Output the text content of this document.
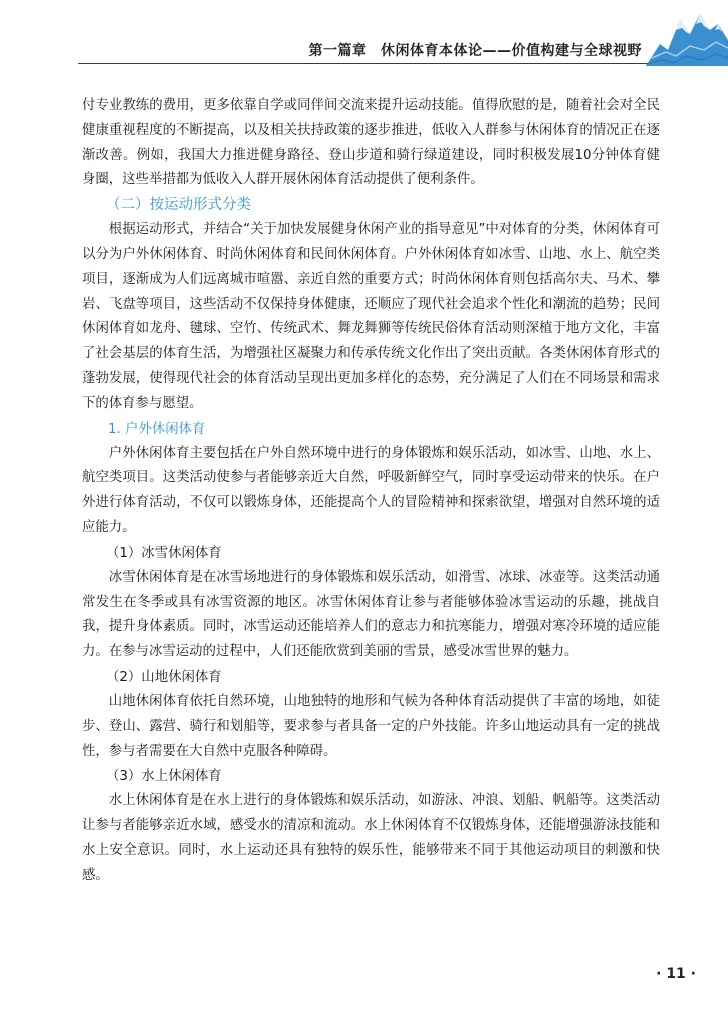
第一篇章　休闲体育本体论——价值构建与全球视野

付专业教练的费用，更多依靠自学或同伴间交流来提升运动技能。值得欣慰的是，随着社会对全民健康重视程度的不断提高，以及相关扶持政策的逐步推进，低收入人群参与休闲体育的情况正在逐渐改善。例如，我国大力推进健身路径、登山步道和骑行绿道建设，同时积极发展10分钟体育健身圈，这些举措都为低收入人群开展休闲体育活动提供了便利条件。

（二）按运动形式分类

根据运动形式，并结合“关于加快发展健身休闲产业的指导意见”中对体育的分类，休闲体育可以分为户外休闲体育、时尚休闲体育和民间休闲体育。户外休闲体育如冰雪、山地、水上、航空类项目，逐渐成为人们远离城市喧嚣、亲近自然的重要方式；时尚休闲体育则包括高尔夫、马术、攀岩、飞盘等项目，这些活动不仅保持身体健康，还顺应了现代社会追求个性化和潮流的趋势；民间休闲体育如龙舟、毽球、空竹、传统武术、舞龙舞狮等传统民俗体育活动则深植于地方文化，丰富了社会基层的体育生活，为增强社区凝聚力和传承传统文化作出了突出贡献。各类休闲体育形式的蓬勃发展，使得现代社会的体育活动呈现出更加多样化的态势，充分满足了人们在不同场景和需求下的体育参与愿望。

1. 户外休闲体育

户外休闲体育主要包括在户外自然环境中进行的身体锻炼和娱乐活动，如冰雪、山地、水上、航空类项目。这类活动使参与者能够亲近大自然，呼吸新鲜空气，同时享受运动带来的快乐。在户外进行体育活动，不仅可以锻炼身体，还能提高个人的冒险精神和探索欲望，增强对自然环境的适应能力。

（1）冰雪休闲体育

冰雪休闲体育是在冰雪场地进行的身体锻炼和娱乐活动，如滑雪、冰球、冰壶等。这类活动通常发生在冬季或具有冰雪资源的地区。冰雪休闲体育让参与者能够体验冰雪运动的乐趣，挑战自我，提升身体素质。同时，冰雪运动还能培养人们的意志力和抗寒能力，增强对寒冷环境的适应能力。在参与冰雪运动的过程中，人们还能欣赏到美丽的雪景，感受冰雪世界的魅力。

（2）山地休闲体育

山地休闲体育依托自然环境，山地独特的地形和气候为各种体育活动提供了丰富的场地，如徒步、登山、露营、骑行和划船等，要求参与者具备一定的户外技能。许多山地运动具有一定的挑战性，参与者需要在大自然中克服各种障碍。

（3）水上休闲体育

水上休闲体育是在水上进行的身体锻炼和娱乐活动，如游泳、冲浪、划船、帆船等。这类活动让参与者能够亲近水域，感受水的清凉和流动。水上休闲体育不仅锻炼身体，还能增强游泳技能和水上安全意识。同时，水上运动还具有独特的娱乐性，能够带来不同于其他运动项目的刺激和快感。

· 11 ·
